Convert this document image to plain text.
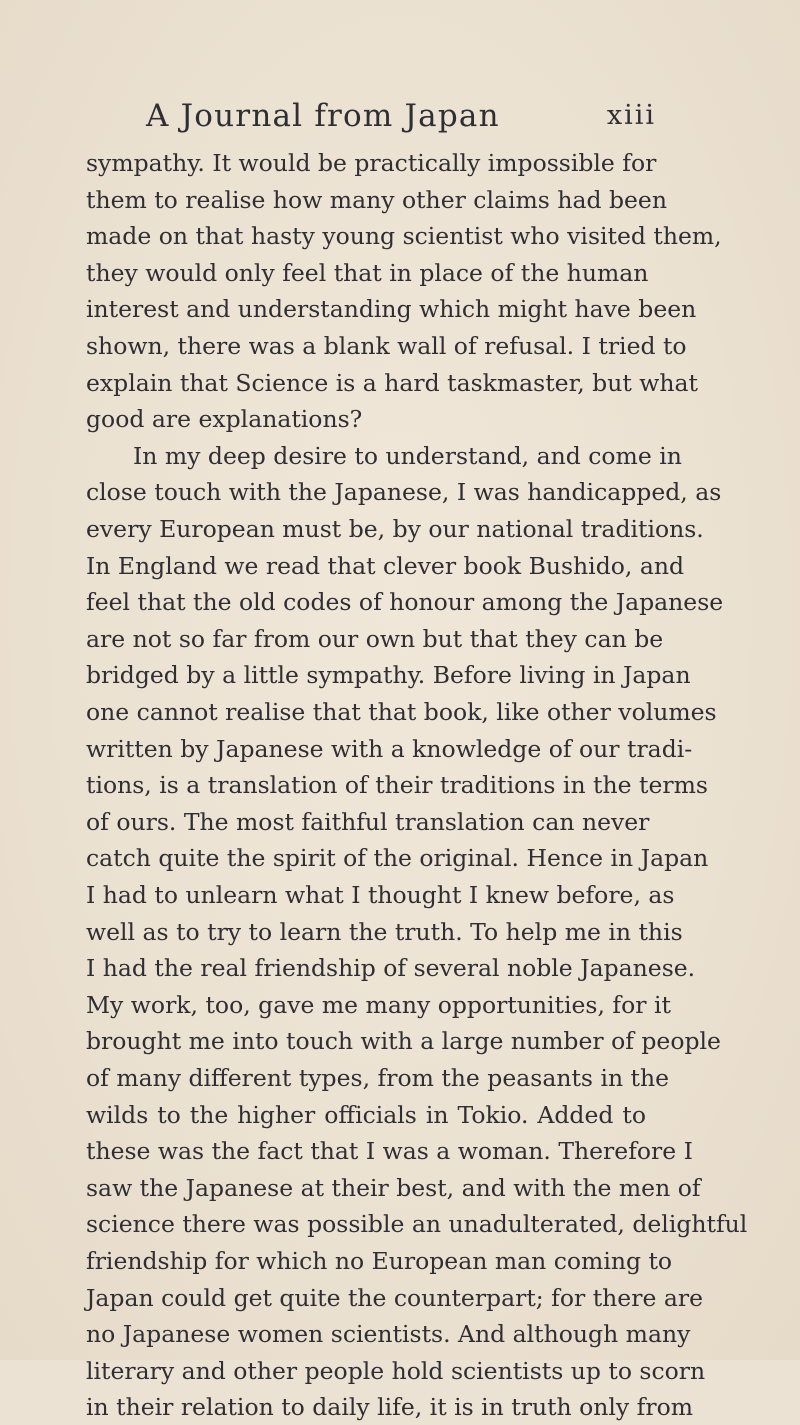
A Journal from Japan	xiii
sympathy. It would be practically impossible for
them to realise how many other claims had been
made on that hasty young scientist who visited them,
they would only feel that in place of the human
interest and understanding which might have been
shown, there was a blank wall of refusal. I tried to
explain that Science is a hard taskmaster, but what
good are explanations?
In my deep desire to understand, and come in
close touch with the Japanese, I was handicapped, as
every European must be, by our national traditions.
In England we read that clever book Bushido, and
feel that the old codes of honour among the Japanese
are not so far from our own but that they can be
bridged by a little sympathy. Before living in Japan
one cannot realise that that book, like other volumes
written by Japanese with a knowledge of our tradi-
tions, is a translation of their traditions in the terms
of ours. The most faithful translation can never
catch quite the spirit of the original. Hence in Japan
I had to unlearn what I thought I knew before, as
well as to try to learn the truth. To help me in this
I had the real friendship of several noble Japanese.
My work, too, gave me many opportunities, for it
brought me into touch with a large number of people
of many different types, from the peasants in the
wilds to the higher officials in Tokio. Added to
these was the fact that I was a woman. Therefore I
saw the Japanese at their best, and with the men of
science there was possible an unadulterated, delightful
friendship for which no European man coming to
Japan could get quite the counterpart; for there are
no Japanese women scientists. And although many
literary and other people hold scientists up to scorn
in their relation to daily life, it is in truth only from
